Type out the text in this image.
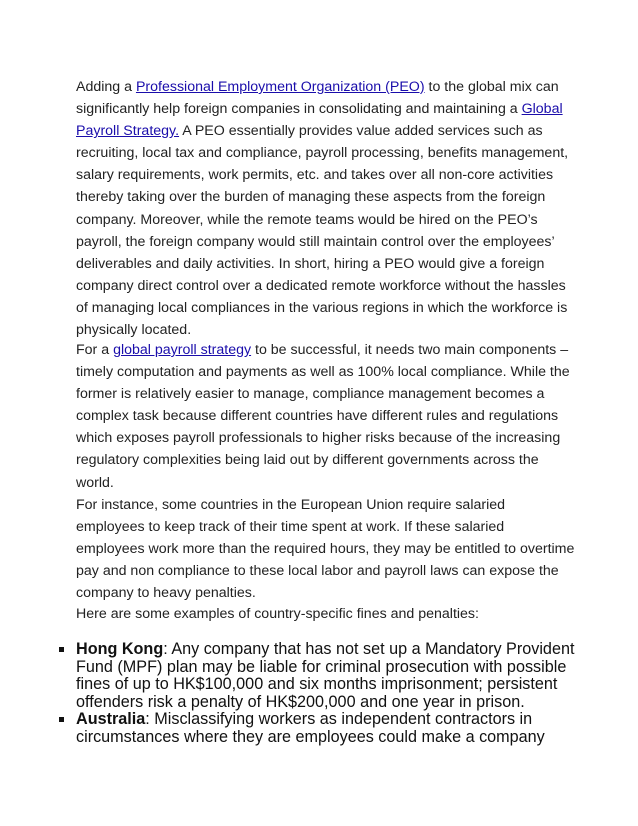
Adding a Professional Employment Organization (PEO) to the global mix can significantly help foreign companies in consolidating and maintaining a Global Payroll Strategy. A PEO essentially provides value added services such as recruiting, local tax and compliance, payroll processing, benefits management, salary requirements, work permits, etc. and takes over all non-core activities thereby taking over the burden of managing these aspects from the foreign company. Moreover, while the remote teams would be hired on the PEO’s payroll, the foreign company would still maintain control over the employees’ deliverables and daily activities. In short, hiring a PEO would give a foreign company direct control over a dedicated remote workforce without the hassles of managing local compliances in the various regions in which the workforce is physically located.

For a global payroll strategy to be successful, it needs two main components – timely computation and payments as well as 100% local compliance. While the former is relatively easier to manage, compliance management becomes a complex task because different countries have different rules and regulations which exposes payroll professionals to higher risks because of the increasing regulatory complexities being laid out by different governments across the world.

For instance, some countries in the European Union require salaried employees to keep track of their time spent at work. If these salaried employees work more than the required hours, they may be entitled to overtime pay and non compliance to these local labor and payroll laws can expose the company to heavy penalties.

Here are some examples of country-specific fines and penalties:

Hong Kong: Any company that has not set up a Mandatory Provident Fund (MPF) plan may be liable for criminal prosecution with possible fines of up to HK$100,000 and six months imprisonment; persistent offenders risk a penalty of HK$200,000 and one year in prison.
Australia: Misclassifying workers as independent contractors in circumstances where they are employees could make a company
